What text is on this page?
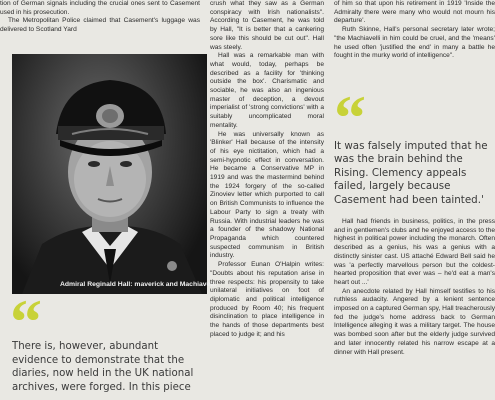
tion of German signals including the crucial ones sent to Casement used in his prosecution.

The Metropolitan Police claimed that Casement's luggage was delivered to Scotland Yard

Admiral Reginald Hall: maverick and Machiavelli
“

There is, however, abundant evidence to demonstrate that the diaries, now held in the UK national archives, were forged. In this piece

crush what they saw as a German conspiracy with Irish nationalists". According to Casement, he was told by Hall, "It is better that a cankering sore like this should be cut out". Hall was steely.

Hall was a remarkable man with what would, today, perhaps be described as a facility for 'thinking outside the box'. Charismatic and sociable, he was also an ingenious master of deception, a devout imperialist of 'strong convictions' with a suitably uncomplicated moral mentality.

He was universally known as 'Blinker' Hall because of the intensity of his eye nictitation, which had a semi-hypnotic effect in conversation. He became a Conservative MP in 1919 and was the mastermind behind the 1924 forgery of the so-called Zinoviev letter which purported to call on British Communists to influence the Labour Party to sign a treaty with Russia. With industrial leaders he was a founder of the shadowy National Propaganda which countered suspected communism in British industry.

Professor Eunan O'Halpin writes: "Doubts about his reputation arise in three respects: his propensity to take unilateral initiatives on foot of diplomatic and political intelligence produced by Room 40; his frequent disinclination to place intelligence in the hands of those departments best placed to judge it; and his

of him so that upon his retirement in 1919 'Inside the Admiralty there were many who would not mourn his departure'.

Ruth Skinne, Hall's personal secretary later wrote; "the Machiavelli in him could be cruel, and the 'means' he used often 'justified the end' in many a battle he fought in the murky world of intelligence".

“

It was falsely imputed that he was the brain behind the Rising. Clemency appeals failed, largely because Casement had been tainted.'

Hall had friends in business, politics, in the press and in gentlemen's clubs and he enjoyed access to the highest in political power including the monarch. Often described as a genius, his was a genius with a distinctly sinister cast. US attaché Edward Bell said he was 'a perfectly marvellous person but the coldest-hearted proposition that ever was – he'd eat a man's heart out ...'

An anecdote related by Hall himself testifies to his ruthless audacity. Angered by a lenient sentence imposed on a captured German spy, Hall treacherously fed the judge's home address back to German Intelligence alleging it was a military target. The house was bombed soon after but the elderly judge survived and later innocently related his narrow escape at a dinner with Hall present.
